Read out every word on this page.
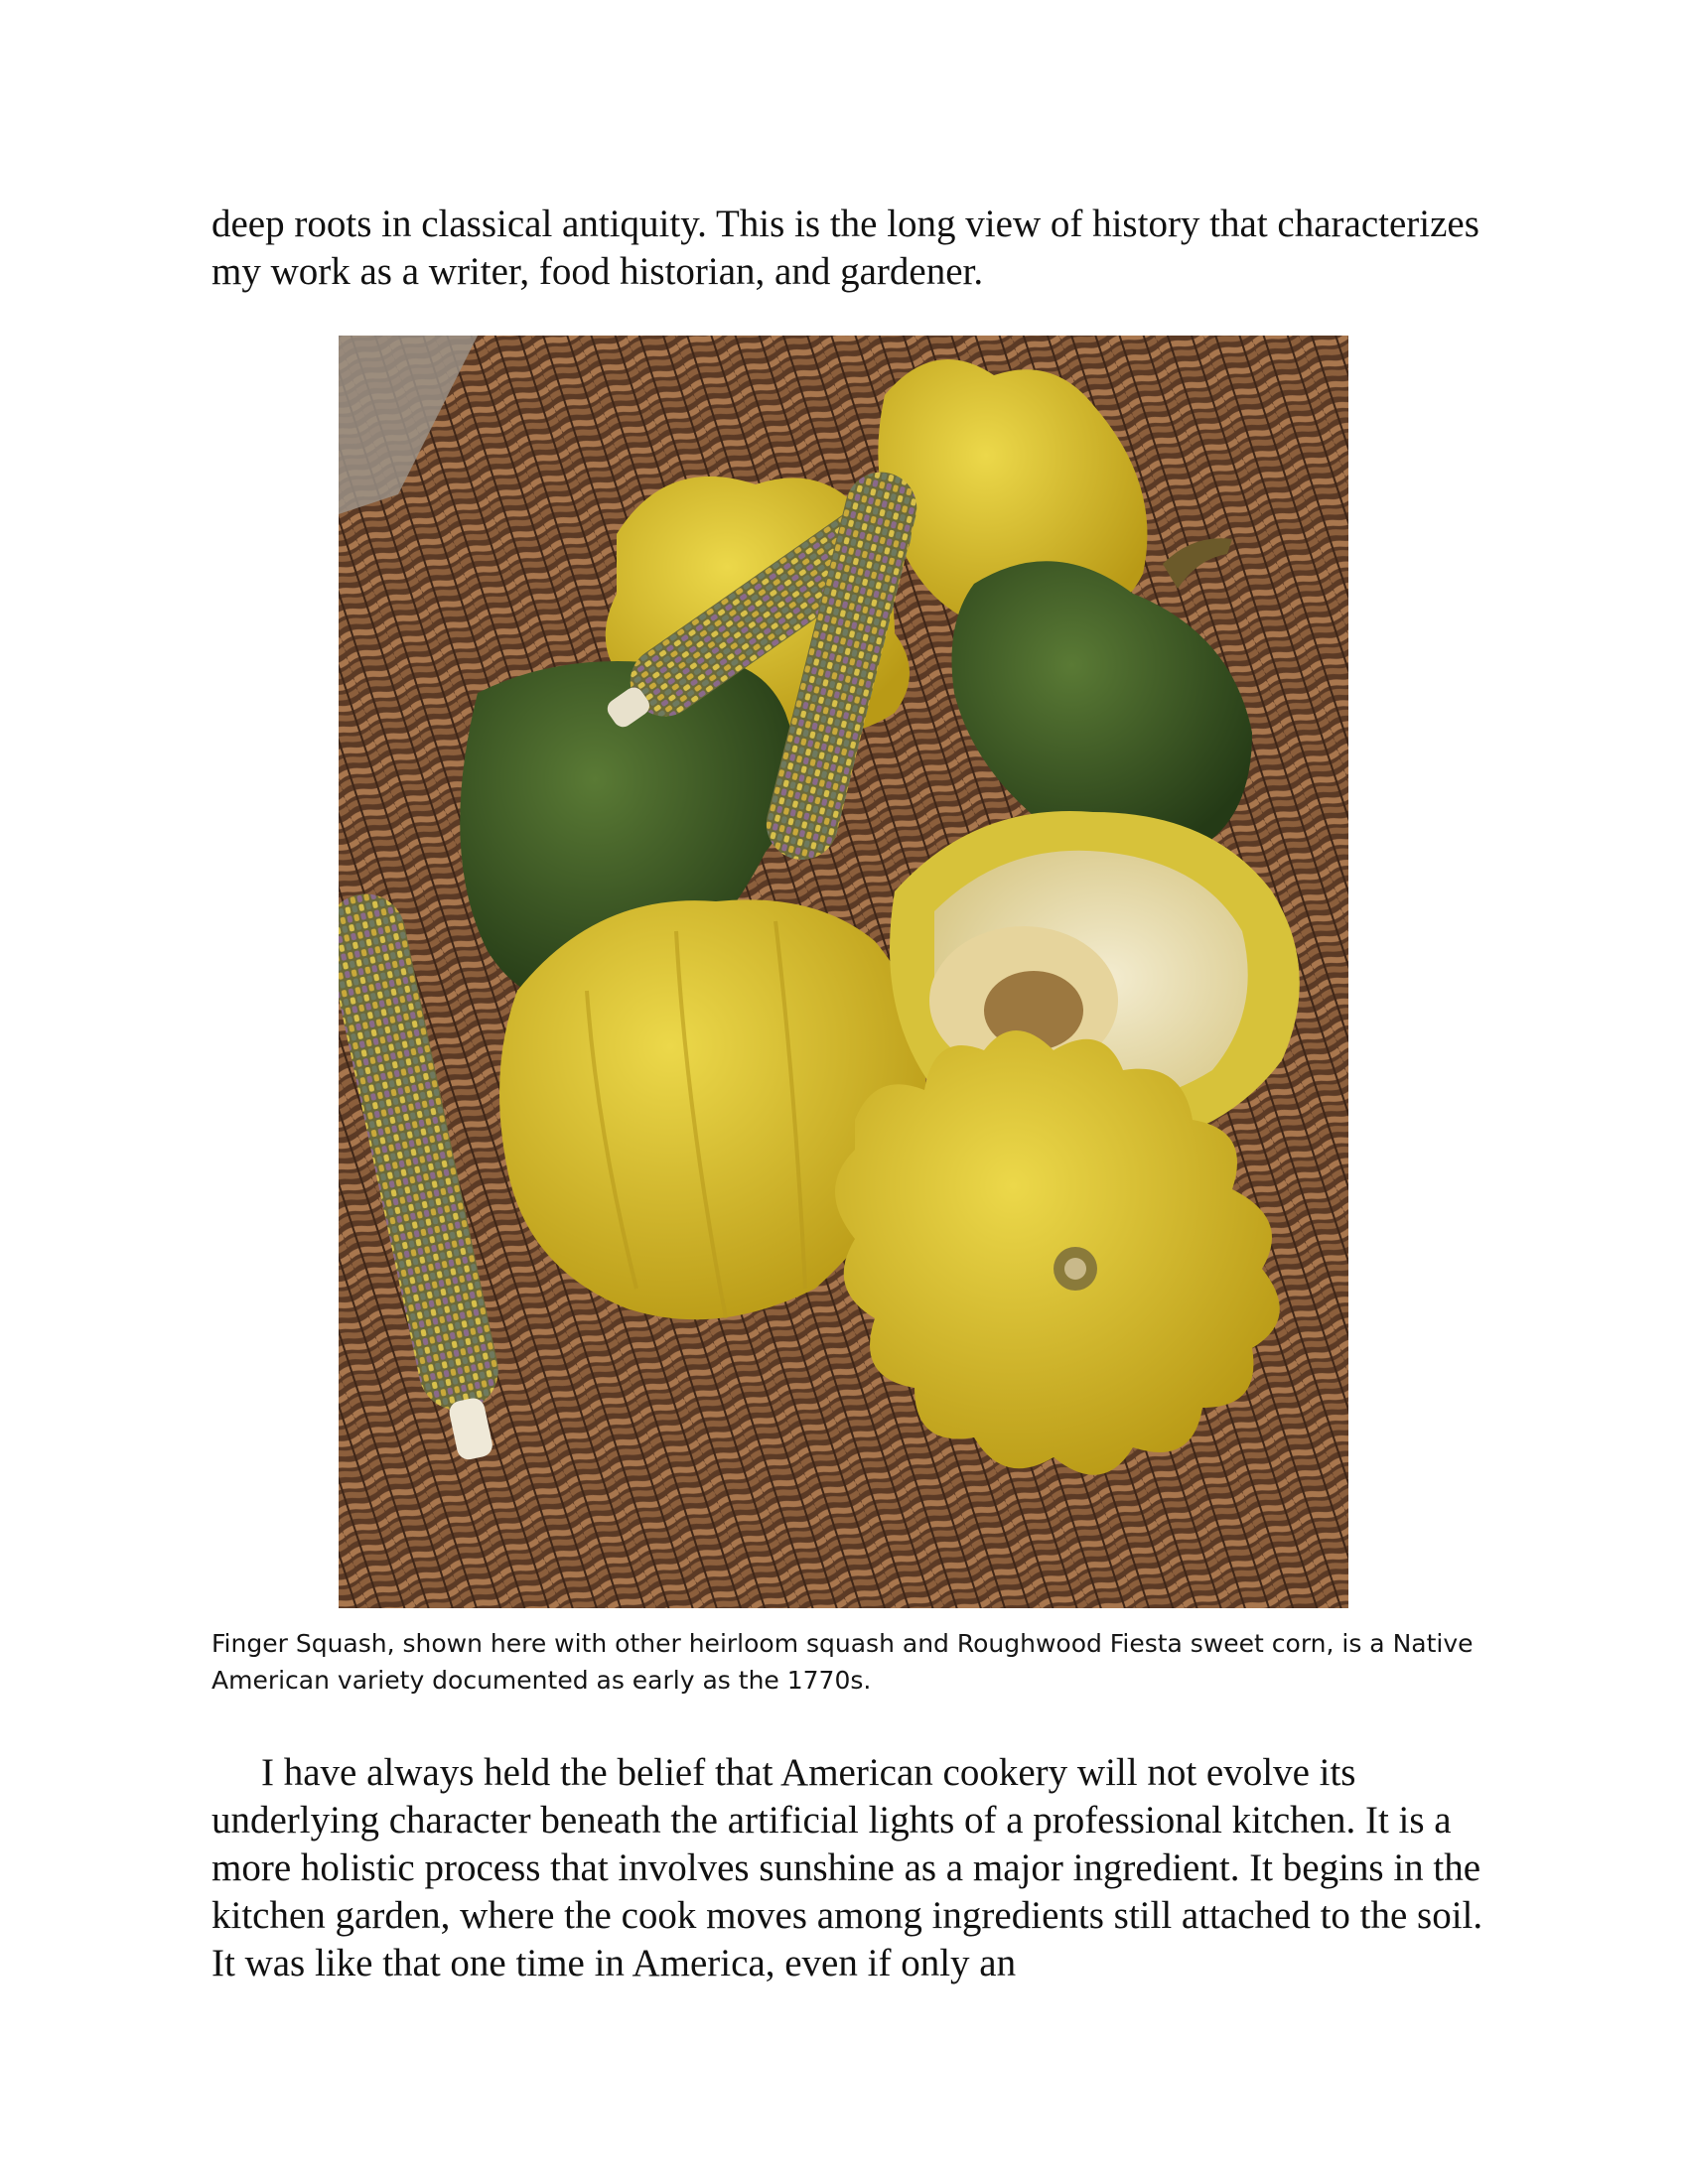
deep roots in classical antiquity. This is the long view of history that characterizes my work as a writer, food historian, and gardener.

Finger Squash, shown here with other heirloom squash and Roughwood Fiesta sweet corn, is a Native American variety documented as early as the 1770s.

I have always held the belief that American cookery will not evolve its underlying character beneath the artificial lights of a professional kitchen. It is a more holistic process that involves sunshine as a major ingredient. It begins in the kitchen garden, where the cook moves among ingredients still attached to the soil. It was like that one time in America, even if only an
